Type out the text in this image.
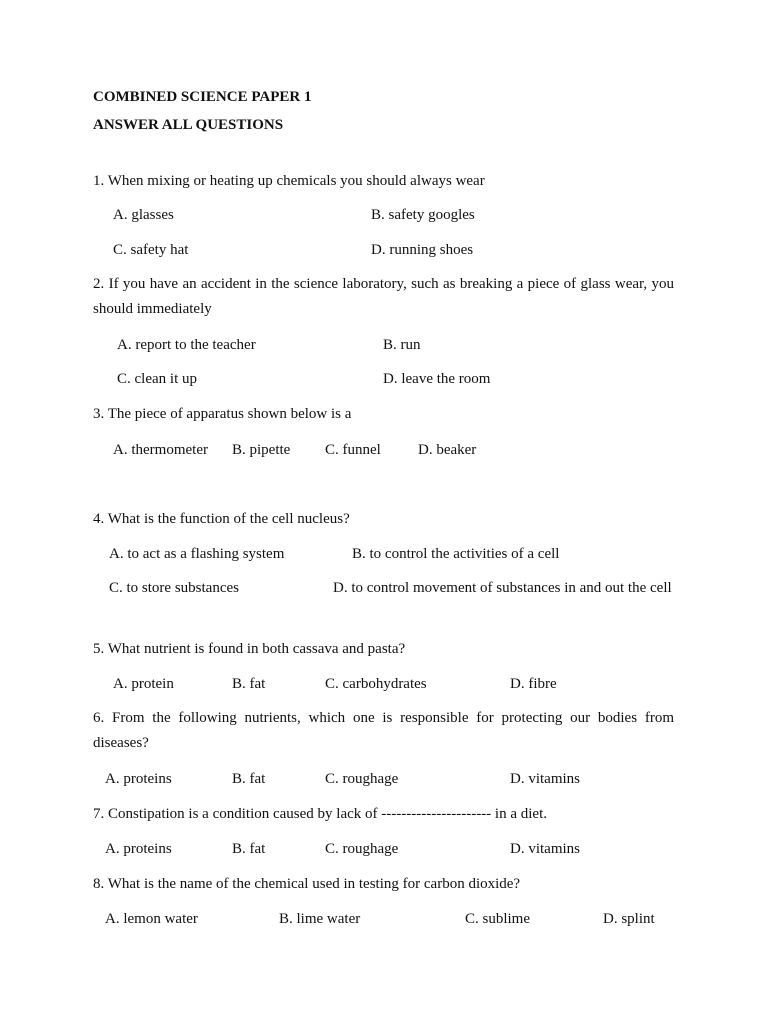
COMBINED SCIENCE PAPER 1
ANSWER ALL QUESTIONS
1. When mixing or heating up chemicals you should always wear
A. glasses	B. safety googles
C. safety hat	D. running shoes
2. If you have an accident in the science laboratory, such as breaking a piece of glass wear, you should immediately
A. report to the teacher	B. run
C. clean it up	D. leave the room
3. The piece of apparatus shown below is a
A. thermometer B. pipette C. funnel D. beaker
4. What is the function of the cell nucleus?
A. to act as a flashing system	B. to control the activities of a cell
C. to store substances	D. to control movement of substances in and out the cell
5. What nutrient is found in both cassava and pasta?
A. protein	B. fat	C. carbohydrates	D. fibre
6. From the following nutrients, which one is responsible for protecting our bodies from diseases?
A. proteins	B. fat	C. roughage	D. vitamins
7. Constipation is a condition caused by lack of ---------------------- in a diet.
A. proteins	B. fat	C. roughage	D. vitamins
8. What is the name of the chemical used in testing for carbon dioxide?
A. lemon water	B. lime water	C. sublime	D. splint
